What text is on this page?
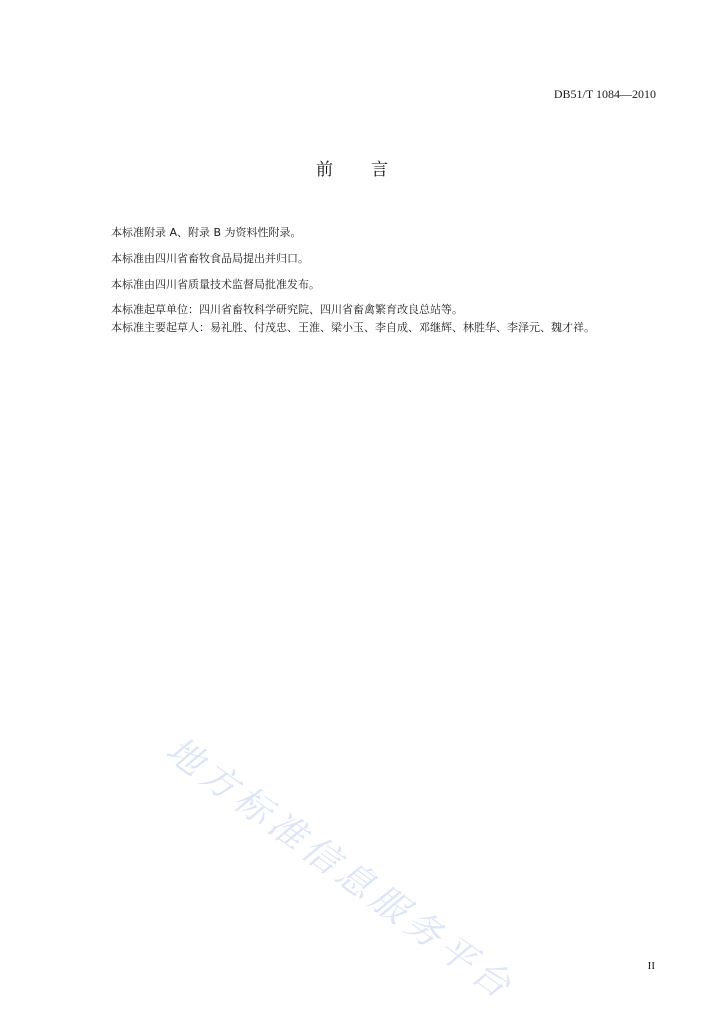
DB51/T 1084—2010
前言

本标准附录 A、附录 B 为资料性附录。

本标准由四川省畜牧食品局提出并归口。

本标准由四川省质量技术监督局批准发布。

本标准起草单位：四川省畜牧科学研究院、四川省畜禽繁育改良总站等。

本标准主要起草人：易礼胜、付茂忠、王淮、梁小玉、李自成、邓继辉、林胜华、李泽元、魏才祥。

地方标准信息服务平台	II
